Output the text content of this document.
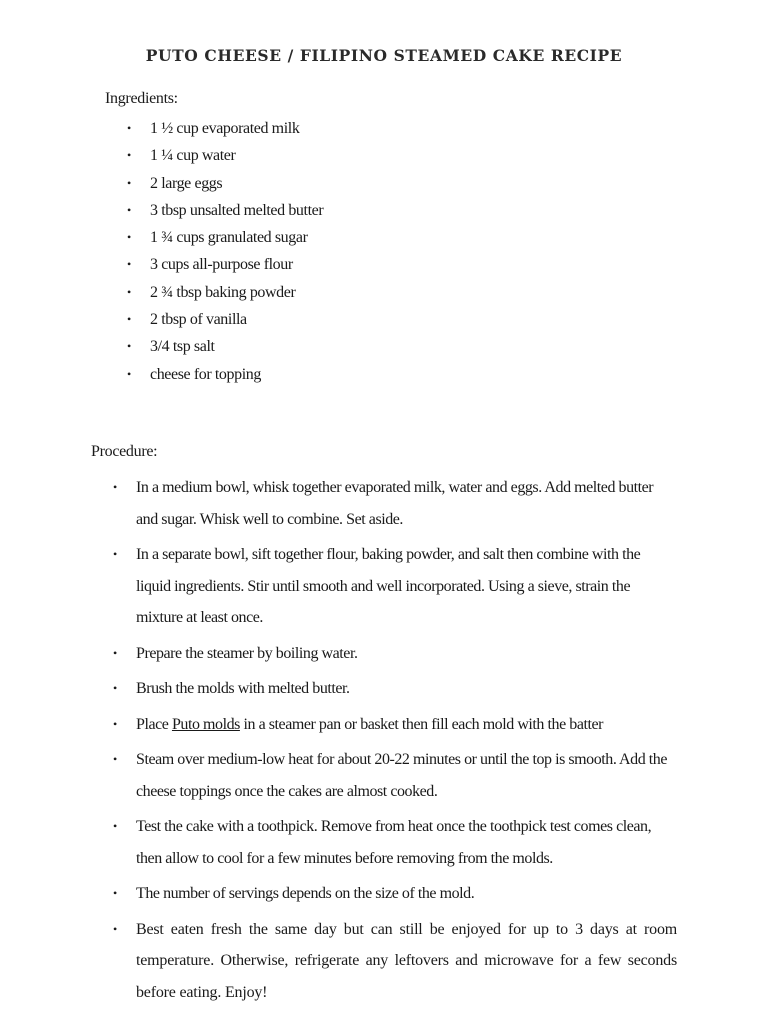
PUTO CHEESE / FILIPINO STEAMED CAKE RECIPE
Ingredients:
• 1 ½ cup evaporated milk
• 1 ¼ cup water
• 2 large eggs
• 3 tbsp unsalted melted butter
• 1 ¾ cups granulated sugar
• 3 cups all-purpose flour
• 2 ¾ tbsp baking powder
• 2 tbsp of vanilla
• 3/4 tsp salt
• cheese for topping
Procedure:
• In a medium bowl, whisk together evaporated milk, water and eggs. Add melted butter and sugar. Whisk well to combine. Set aside.
• In a separate bowl, sift together flour, baking powder, and salt then combine with the liquid ingredients. Stir until smooth and well incorporated. Using a sieve, strain the mixture at least once.
• Prepare the steamer by boiling water.
• Brush the molds with melted butter.
• Place Puto molds in a steamer pan or basket then fill each mold with the batter
• Steam over medium-low heat for about 20-22 minutes or until the top is smooth. Add the cheese toppings once the cakes are almost cooked.
• Test the cake with a toothpick. Remove from heat once the toothpick test comes clean, then allow to cool for a few minutes before removing from the molds.
• The number of servings depends on the size of the mold.
• Best eaten fresh the same day but can still be enjoyed for up to 3 days at room temperature. Otherwise, refrigerate any leftovers and microwave for a few seconds before eating. Enjoy!
